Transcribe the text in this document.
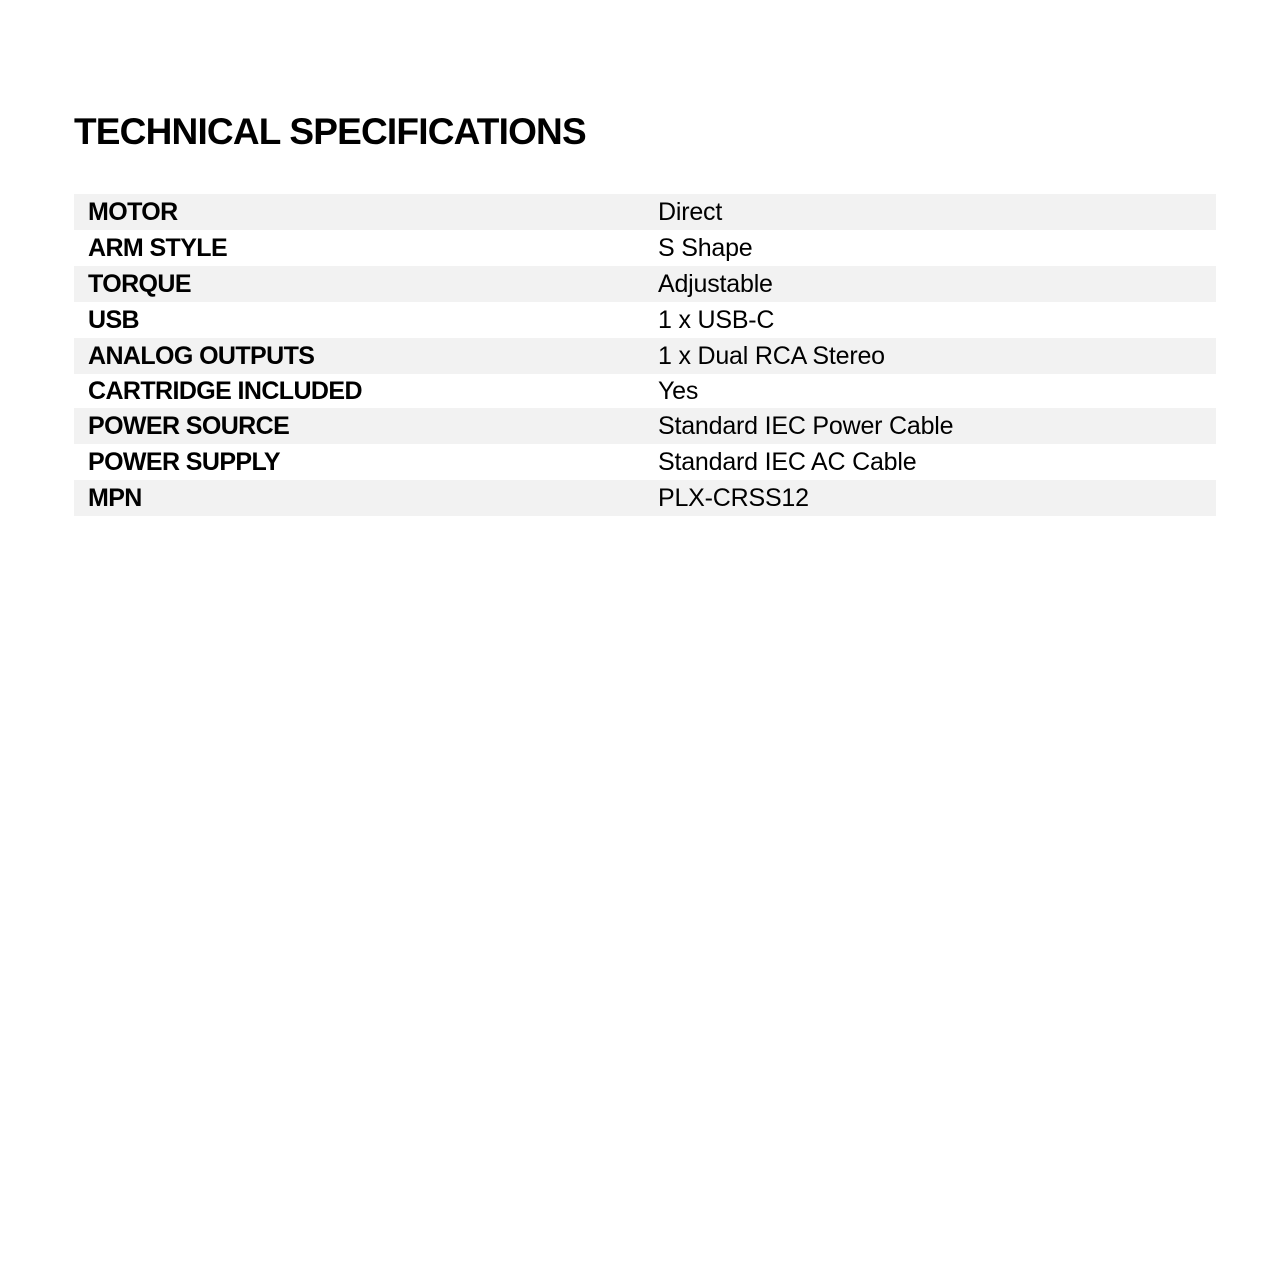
TECHNICAL SPECIFICATIONS
MOTOR	Direct
ARM STYLE	S Shape
TORQUE	Adjustable
USB	1 x USB-C
ANALOG OUTPUTS	1 x Dual RCA Stereo
CARTRIDGE INCLUDED	Yes
POWER SOURCE	Standard IEC Power Cable
POWER SUPPLY	Standard IEC AC Cable
MPN	PLX-CRSS12
